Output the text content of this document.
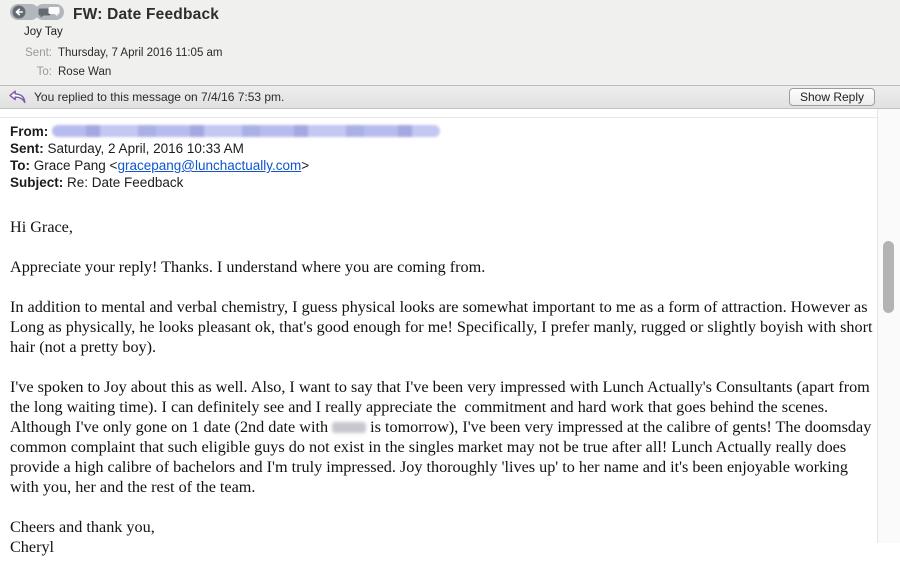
FW: Date Feedback
Joy Tay
Sent: Thursday, 7 April 2016 11:05 am
To: Rose Wan
You replied to this message on 7/4/16 7:53 pm.	Show Reply
From:
Sent: Saturday, 2 April, 2016 10:33 AM
To: Grace Pang <gracepang@lunchactually.com>
Subject: Re: Date Feedback

Hi Grace,

Appreciate your reply! Thanks. I understand where you are coming from.

In addition to mental and verbal chemistry, I guess physical looks are somewhat important to me as a form of attraction. However as Long as physically, he looks pleasant ok, that's good enough for me! Specifically, I prefer manly, rugged or slightly boyish with short hair (not a pretty boy).

I've spoken to Joy about this as well. Also, I want to say that I've been very impressed with Lunch Actually's Consultants (apart from the long waiting time). I can definitely see and I really appreciate the  commitment and hard work that goes behind the scenes. Although I've only gone on 1 date (2nd date with  is tomorrow), I've been very impressed at the calibre of gents! The doomsday common complaint that such eligible guys do not exist in the singles market may not be true after all! Lunch Actually really does provide a high calibre of bachelors and I'm truly impressed. Joy thoroughly 'lives up' to her name and it's been enjoyable working with you, her and the rest of the team.

Cheers and thank you,
Cheryl
